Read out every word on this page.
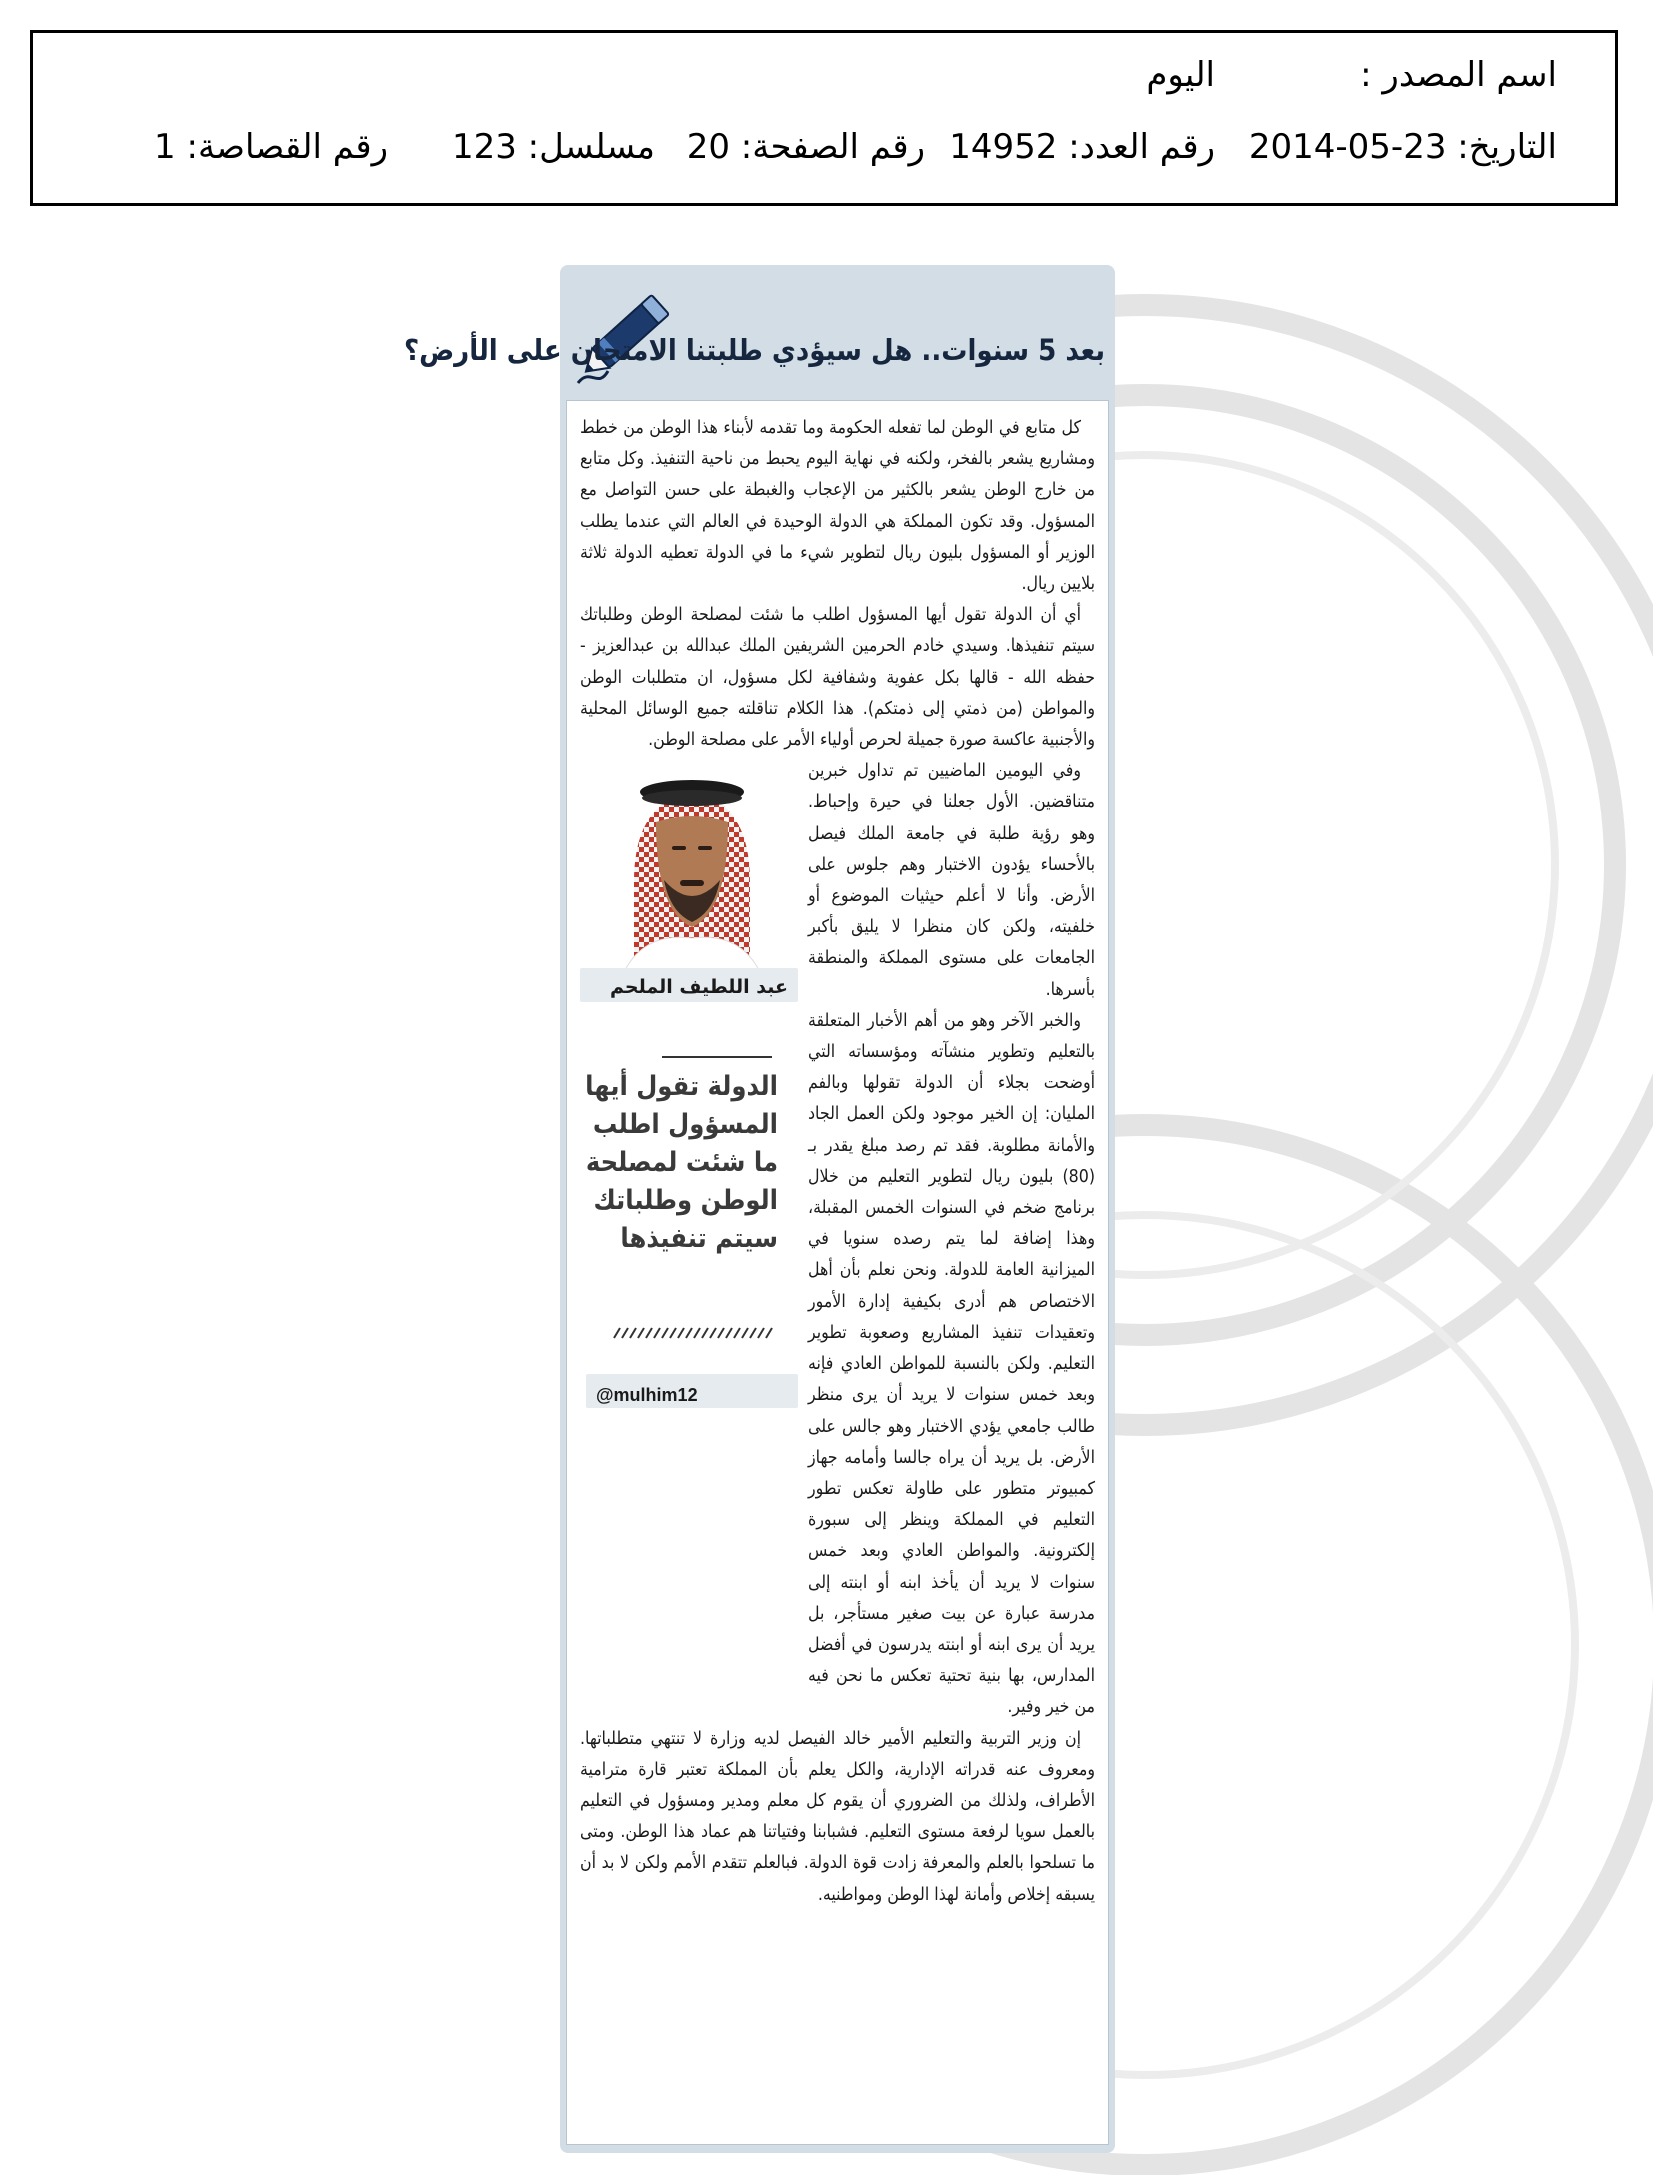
اسم المصدر :
اليوم
التاريخ: 2014-05-23
رقم العدد: 14952
رقم الصفحة: 20
مسلسل: 123
رقم القصاصة: 1
بعد 5 سنوات.. هل سيؤدي طلبتنا الامتحان على الأرض؟

كل متابع في الوطن لما تفعله الحكومة وما تقدمه لأبناء هذا الوطن من خطط ومشاريع يشعر بالفخر، ولكنه في نهاية اليوم يحبط من ناحية التنفيذ. وكل متابع من خارج الوطن يشعر بالكثير من الإعجاب والغبطة على حسن التواصل مع المسؤول. وقد تكون المملكة هي الدولة الوحيدة في العالم التي عندما يطلب الوزير أو المسؤول بليون ريال لتطوير شيء ما في الدولة تعطيه الدولة ثلاثة بلايين ريال.

أي أن الدولة تقول أيها المسؤول اطلب ما شئت لمصلحة الوطن وطلباتك سيتم تنفيذها. وسيدي خادم الحرمين الشريفين الملك عبدالله بن عبدالعزيز - حفظه الله - قالها بكل عفوية وشفافية لكل مسؤول، ان متطلبات الوطن والمواطن (من ذمتي إلى ذمتكم). هذا الكلام تناقلته جميع الوسائل المحلية والأجنبية عاكسة صورة جميلة لحرص أولياء الأمر على مصلحة الوطن.

عبد اللطيف الملحم
الدولة تقول أيها المسؤول اطلب ما شئت لمصلحة الوطن وطلباتك سيتم تنفيذها
@mulhim12

وفي اليومين الماضيين تم تداول خبرين متناقضين. الأول جعلنا في حيرة وإحباط. وهو رؤية طلبة في جامعة الملك فيصل بالأحساء يؤدون الاختبار وهم جلوس على الأرض. وأنا لا أعلم حيثيات الموضوع أو خلفيته، ولكن كان منظرا لا يليق بأكبر الجامعات على مستوى المملكة والمنطقة بأسرها.

والخبر الآخر وهو من أهم الأخبار المتعلقة بالتعليم وتطوير منشآته ومؤسساته التي أوضحت بجلاء أن الدولة تقولها وبالفم المليان: إن الخير موجود ولكن العمل الجاد والأمانة مطلوبة. فقد تم رصد مبلغ يقدر بـ (80) بليون ريال لتطوير التعليم من خلال برنامج ضخم في السنوات الخمس المقبلة، وهذا إضافة لما يتم رصده سنويا في الميزانية العامة للدولة. ونحن نعلم بأن أهل الاختصاص هم أدرى بكيفية إدارة الأمور وتعقيدات تنفيذ المشاريع وصعوبة تطوير التعليم. ولكن بالنسبة للمواطن العادي فإنه وبعد خمس سنوات لا يريد أن يرى منظر طالب جامعي يؤدي الاختبار وهو جالس على الأرض. بل يريد أن يراه جالسا وأمامه جهاز كمبيوتر متطور على طاولة تعكس تطور التعليم في المملكة وينظر إلى سبورة إلكترونية. والمواطن العادي وبعد خمس سنوات لا يريد أن يأخذ ابنه أو ابنته إلى مدرسة عبارة عن بيت صغير مستأجر، بل يريد أن يرى ابنه أو ابنته يدرسون في أفضل المدارس، بها بنية تحتية تعكس ما نحن فيه من خير وفير.

إن وزير التربية والتعليم الأمير خالد الفيصل لديه وزارة لا تنتهي متطلباتها. ومعروف عنه قدراته الإدارية، والكل يعلم بأن المملكة تعتبر قارة مترامية الأطراف، ولذلك من الضروري أن يقوم كل معلم ومدير ومسؤول في التعليم بالعمل سويا لرفعة مستوى التعليم. فشبابنا وفتياتنا هم عماد هذا الوطن. ومتى ما تسلحوا بالعلم والمعرفة زادت قوة الدولة. فبالعلم تتقدم الأمم ولكن لا بد أن يسبقه إخلاص وأمانة لهذا الوطن ومواطنيه.
